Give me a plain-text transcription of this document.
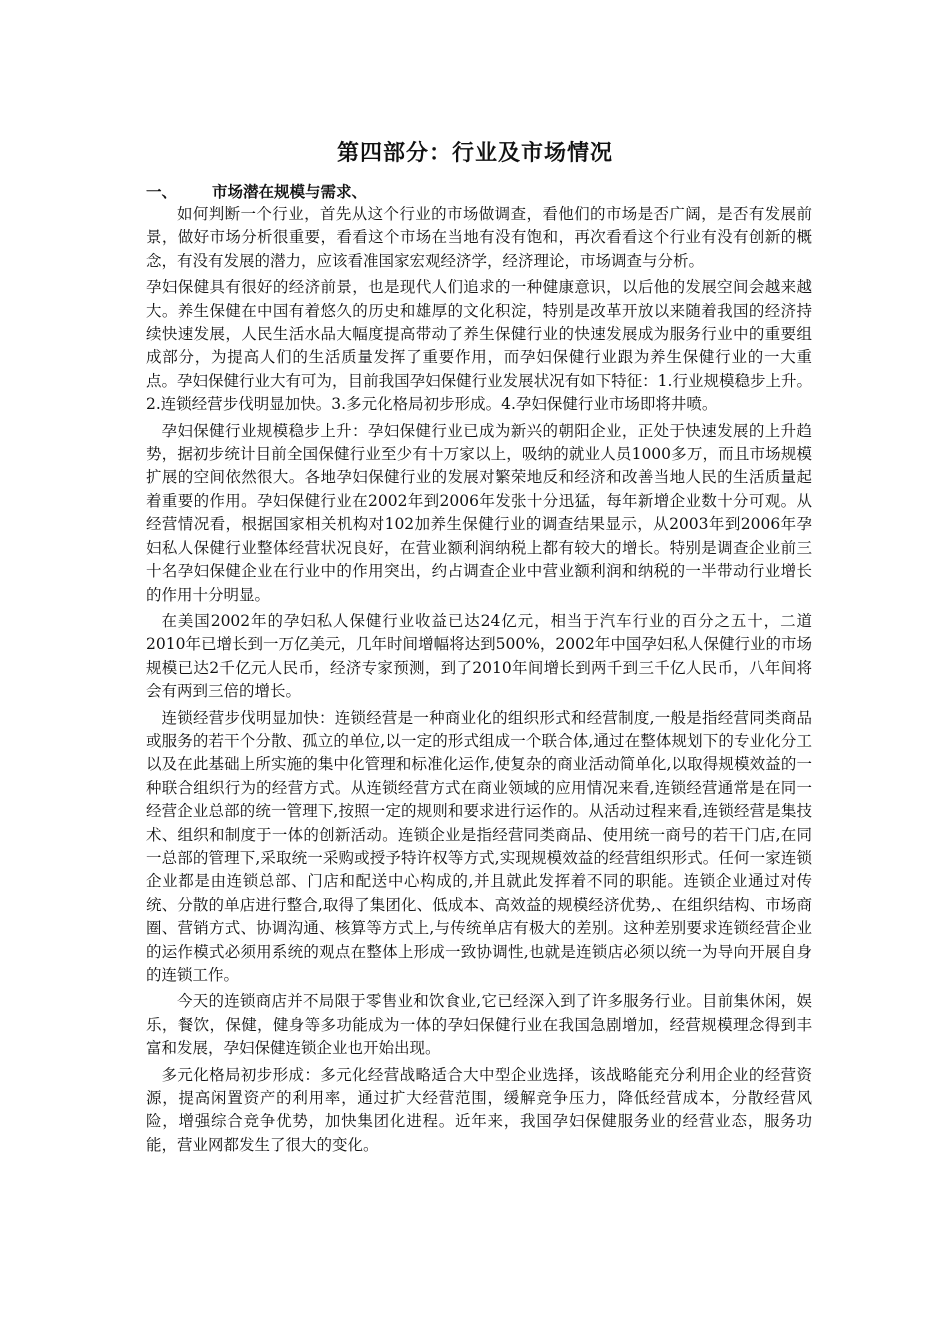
第四部分：行业及市场情况
一、 市场潜在规模与需求、

如何判断一个行业，首先从这个行业的市场做调查，看他们的市场是否广阔，是否有发展前景，做好市场分析很重要，看看这个市场在当地有没有饱和，再次看看这个行业有没有创新的概念，有没有发展的潜力，应该看准国家宏观经济学，经济理论，市场调查与分析。

孕妇保健具有很好的经济前景，也是现代人们追求的一种健康意识，以后他的发展空间会越来越大。养生保健在中国有着悠久的历史和雄厚的文化积淀，特别是改革开放以来随着我国的经济持续快速发展，人民生活水品大幅度提高带动了养生保健行业的快速发展成为服务行业中的重要组成部分，为提高人们的生活质量发挥了重要作用，而孕妇保健行业跟为养生保健行业的一大重点。孕妇保健行业大有可为，目前我国孕妇保健行业发展状况有如下特征：1.行业规模稳步上升。2.连锁经营步伐明显加快。3.多元化格局初步形成。4.孕妇保健行业市场即将井喷。

孕妇保健行业规模稳步上升：孕妇保健行业已成为新兴的朝阳企业，正处于快速发展的上升趋势，据初步统计目前全国保健行业至少有十万家以上，吸纳的就业人员1000多万，而且市场规模扩展的空间依然很大。各地孕妇保健行业的发展对繁荣地反和经济和改善当地人民的生活质量起着重要的作用。孕妇保健行业在2002年到2006年发张十分迅猛，每年新增企业数十分可观。从经营情况看，根据国家相关机构对102加养生保健行业的调查结果显示，从2003年到2006年孕妇私人保健行业整体经营状况良好，在营业额利润纳税上都有较大的增长。特别是调查企业前三十名孕妇保健企业在行业中的作用突出，约占调查企业中营业额利润和纳税的一半带动行业增长的作用十分明显。

在美国2002年的孕妇私人保健行业收益已达24亿元，相当于汽车行业的百分之五十，二道2010年已增长到一万亿美元，几年时间增幅将达到500%，2002年中国孕妇私人保健行业的市场规模已达2千亿元人民币，经济专家预测，到了2010年间增长到两千到三千亿人民币，八年间将会有两到三倍的增长。

连锁经营步伐明显加快：连锁经营是一种商业化的组织形式和经营制度,一般是指经营同类商品或服务的若干个分散、孤立的单位,以一定的形式组成一个联合体,通过在整体规划下的专业化分工以及在此基础上所实施的集中化管理和标准化运作,使复杂的商业活动简单化,以取得规模效益的一种联合组织行为的经营方式。从连锁经营方式在商业领域的应用情况来看,连锁经营通常是在同一经营企业总部的统一管理下,按照一定的规则和要求进行运作的。从活动过程来看,连锁经营是集技术、组织和制度于一体的创新活动。连锁企业是指经营同类商品、使用统一商号的若干门店,在同一总部的管理下,采取统一采购或授予特许权等方式,实现规模效益的经营组织形式。任何一家连锁企业都是由连锁总部、门店和配送中心构成的,并且就此发挥着不同的职能。连锁企业通过对传统、分散的单店进行整合,取得了集团化、低成本、高效益的规模经济优势,、在组织结构、市场商圈、营销方式、协调沟通、核算等方式上,与传统单店有极大的差别。这种差别要求连锁经营企业的运作模式必须用系统的观点在整体上形成一致协调性,也就是连锁店必须以统一为导向开展自身的连锁工作。

今天的连锁商店并不局限于零售业和饮食业,它已经深入到了许多服务行业。目前集休闲，娱乐，餐饮，保健，健身等多功能成为一体的孕妇保健行业在我国急剧增加，经营规模理念得到丰富和发展，孕妇保健连锁企业也开始出现。

多元化格局初步形成：多元化经营战略适合大中型企业选择，该战略能充分利用企业的经营资源，提高闲置资产的利用率，通过扩大经营范围，缓解竞争压力，降低经营成本，分散经营风险，增强综合竞争优势，加快集团化进程。近年来，我国孕妇保健服务业的经营业态，服务功能，营业网都发生了很大的变化。
